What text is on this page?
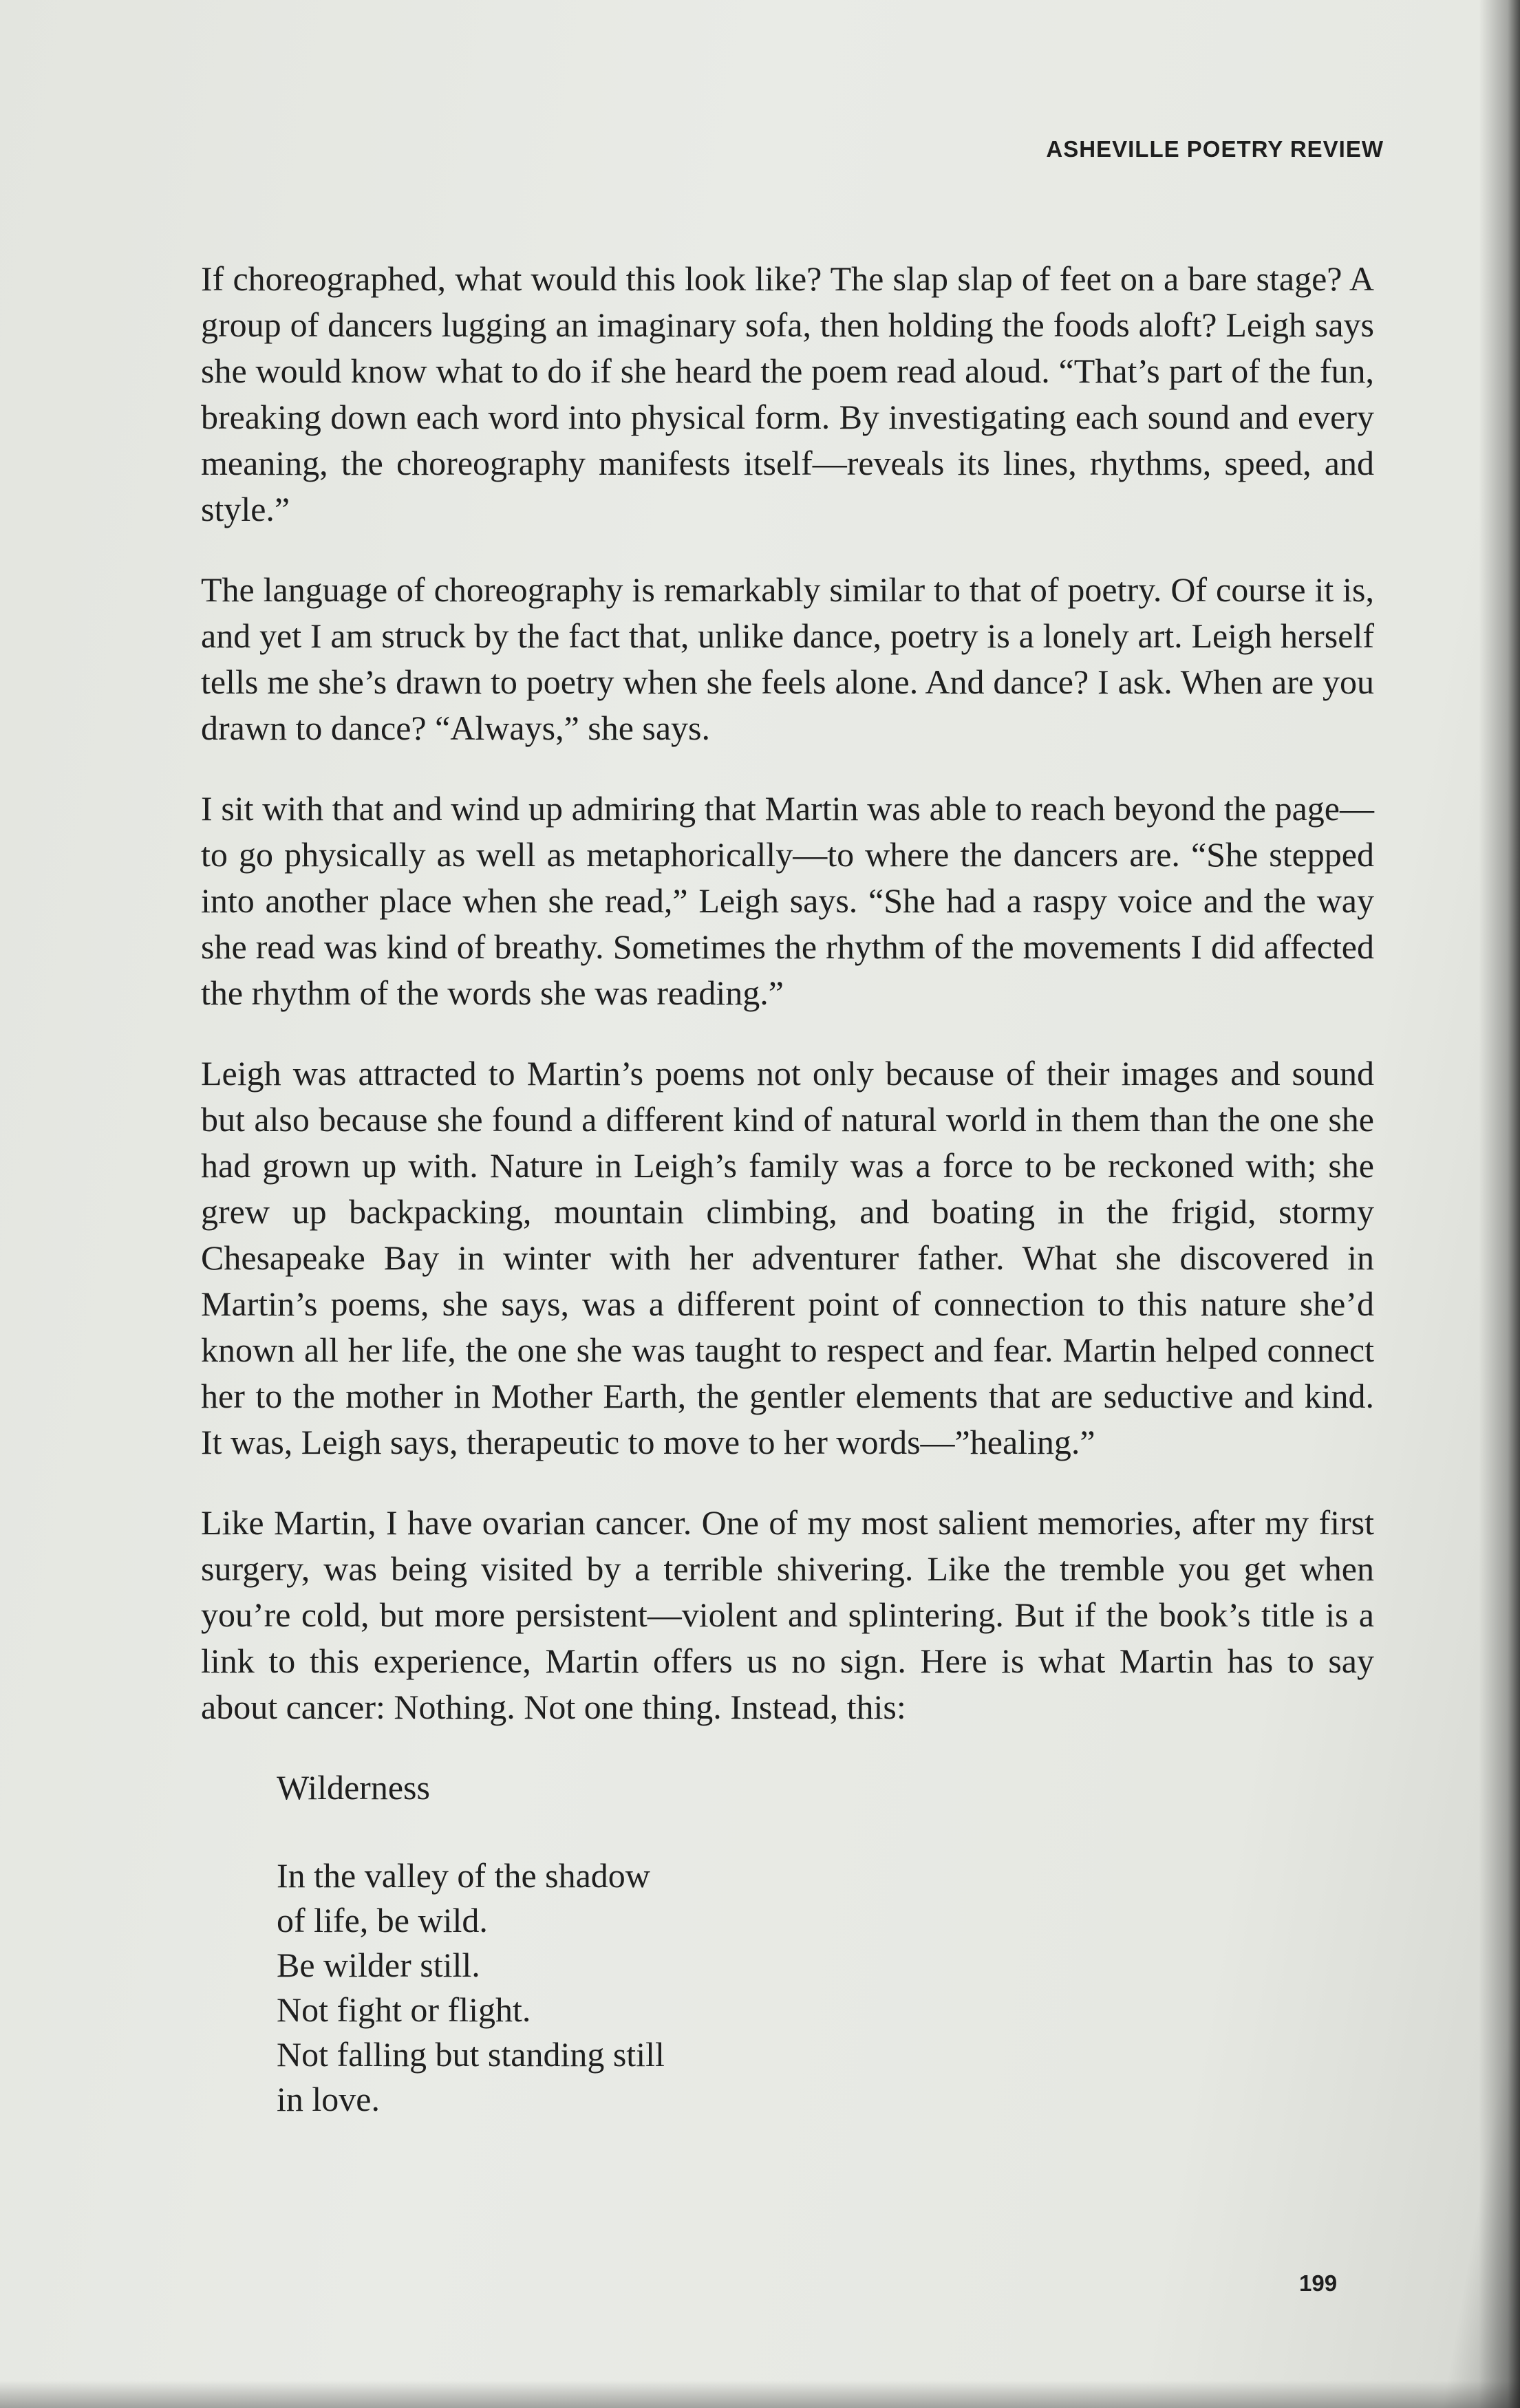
ASHEVILLE POETRY REVIEW

If choreographed, what would this look like? The slap slap of feet on a bare stage? A group of dancers lugging an imaginary sofa, then holding the foods aloft? Leigh says she would know what to do if she heard the poem read aloud. “That’s part of the fun, breaking down each word into physical form. By investigating each sound and every meaning, the choreography manifests itself—reveals its lines, rhythms, speed, and style.”

The language of choreography is remarkably similar to that of poetry. Of course it is, and yet I am struck by the fact that, unlike dance, poetry is a lonely art. Leigh herself tells me she’s drawn to poetry when she feels alone. And dance? I ask. When are you drawn to dance? “Always,” she says.

I sit with that and wind up admiring that Martin was able to reach beyond the page—to go physically as well as metaphorically—to where the dancers are. “She stepped into another place when she read,” Leigh says. “She had a raspy voice and the way she read was kind of breathy. Sometimes the rhythm of the movements I did affected the rhythm of the words she was reading.”

Leigh was attracted to Martin’s poems not only because of their images and sound but also because she found a different kind of natural world in them than the one she had grown up with. Nature in Leigh’s family was a force to be reckoned with; she grew up backpacking, mountain climbing, and boating in the frigid, stormy Chesapeake Bay in winter with her adventurer father. What she discovered in Martin’s poems, she says, was a different point of connection to this nature she’d known all her life, the one she was taught to respect and fear. Martin helped connect her to the mother in Mother Earth, the gentler elements that are seductive and kind. It was, Leigh says, therapeutic to move to her words—”healing.”

Like Martin, I have ovarian cancer. One of my most salient memories, after my first surgery, was being visited by a terrible shivering. Like the tremble you get when you’re cold, but more persistent—violent and splintering. But if the book’s title is a link to this experience, Martin offers us no sign. Here is what Martin has to say about cancer: Nothing. Not one thing. Instead, this:

Wilderness

In the valley of the shadow
of life, be wild.
Be wilder still.
Not fight or flight.
Not falling but standing still
in love.
199
